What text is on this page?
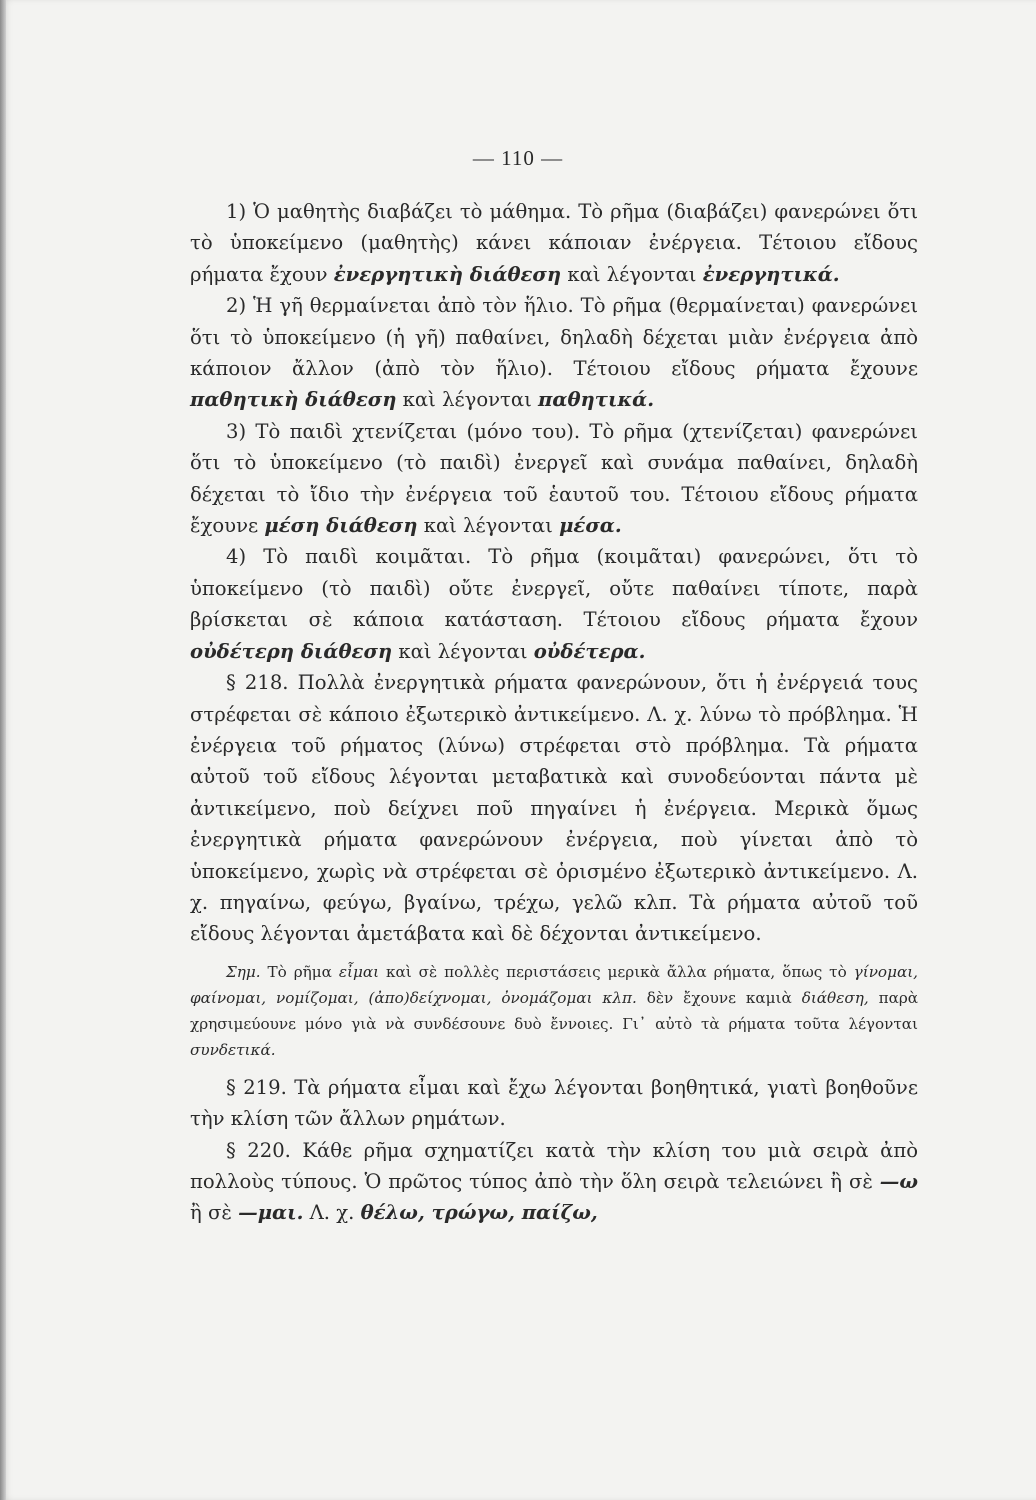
— 110 —

1) Ὁ μαθητὴς διαβάζει τὸ μάθημα. Τὸ ρῆμα (διαβάζει) φανερώνει ὅτι τὸ ὑποκείμενο (μαθητὴς) κάνει κάποιαν ἐνέργεια. Τέτοιου εἴδους ρήματα ἔχουν ἐνεργητικὴ διάθεση καὶ λέγονται ἐνεργητικά.

2) Ἡ γῆ θερμαίνεται ἀπὸ τὸν ἥλιο. Τὸ ρῆμα (θερμαίνεται) φανερώνει ὅτι τὸ ὑποκείμενο (ἡ γῆ) παθαίνει, δηλαδὴ δέχεται μιὰν ἐνέργεια ἀπὸ κάποιον ἄλλον (ἀπὸ τὸν ἥλιο). Τέτοιου εἴδους ρήματα ἔχουνε παθητικὴ διάθεση καὶ λέγονται παθητικά.

3) Τὸ παιδὶ χτενίζεται (μόνο του). Τὸ ρῆμα (χτενίζεται) φανερώνει ὅτι τὸ ὑποκείμενο (τὸ παιδὶ) ἐνεργεῖ καὶ συνάμα παθαίνει, δηλαδὴ δέχεται τὸ ἴδιο τὴν ἐνέργεια τοῦ ἑαυτοῦ του. Τέτοιου εἴδους ρήματα ἔχουνε μέση διάθεση καὶ λέγονται μέσα.

4) Τὸ παιδὶ κοιμᾶται. Τὸ ρῆμα (κοιμᾶται) φανερώνει, ὅτι τὸ ὑποκείμενο (τὸ παιδὶ) οὔτε ἐνεργεῖ, οὔτε παθαίνει τίποτε, παρὰ βρίσκεται σὲ κάποια κατάσταση. Τέτοιου εἴδους ρήματα ἔχουν οὐδέτερη διάθεση καὶ λέγονται οὐδέτερα.

§ 218. Πολλὰ ἐνεργητικὰ ρήματα φανερώνουν, ὅτι ἡ ἐνέργειά τους στρέφεται σὲ κάποιο ἐξωτερικὸ ἀντικείμενο. Λ. χ. λύνω τὸ πρόβλημα. Ἡ ἐνέργεια τοῦ ρήματος (λύνω) στρέφεται στὸ πρόβλημα. Τὰ ρήματα αὐτοῦ τοῦ εἴδους λέγονται μεταβατικὰ καὶ συνοδεύονται πάντα μὲ ἀντικείμενο, ποὺ δείχνει ποῦ πηγαίνει ἡ ἐνέργεια. Μερικὰ ὅμως ἐνεργητικὰ ρήματα φανερώνουν ἐνέργεια, ποὺ γίνεται ἀπὸ τὸ ὑποκείμενο, χωρὶς νὰ στρέφεται σὲ ὁρισμένο ἐξωτερικὸ ἀντικείμενο. Λ. χ. πηγαίνω, φεύγω, βγαίνω, τρέχω, γελῶ κλπ. Τὰ ρήματα αὐτοῦ τοῦ εἴδους λέγονται ἀμετάβατα καὶ δὲ δέχονται ἀντικείμενο.

Σημ. Τὸ ρῆμα εἶμαι καὶ σὲ πολλὲς περιστάσεις μερικὰ ἄλλα ρήματα, ὅπως τὸ γίνομαι, φαίνομαι, νομίζομαι, (ἀπο)δείχνομαι, ὀνομάζομαι κλπ. δὲν ἔχουνε καμιὰ διάθεση, παρὰ χρησιμεύουνε μόνο γιὰ νὰ συνδέσουνε δυὸ ἔννοιες. Γι᾽ αὐτὸ τὰ ρήματα τοῦτα λέγονται συνδετικά.

§ 219. Τὰ ρήματα εἶμαι καὶ ἔχω λέγονται βοηθητικά, γιατὶ βοηθοῦνε τὴν κλίση τῶν ἄλλων ρημάτων.

§ 220. Κάθε ρῆμα σχηματίζει κατὰ τὴν κλίση του μιὰ σειρὰ ἀπὸ πολλοὺς τύπους. Ὁ πρῶτος τύπος ἀπὸ τὴν ὅλη σειρὰ τελειώνει ἢ σὲ —ω ἢ σὲ —μαι. Λ. χ. θέλω, τρώγω, παίζω,
